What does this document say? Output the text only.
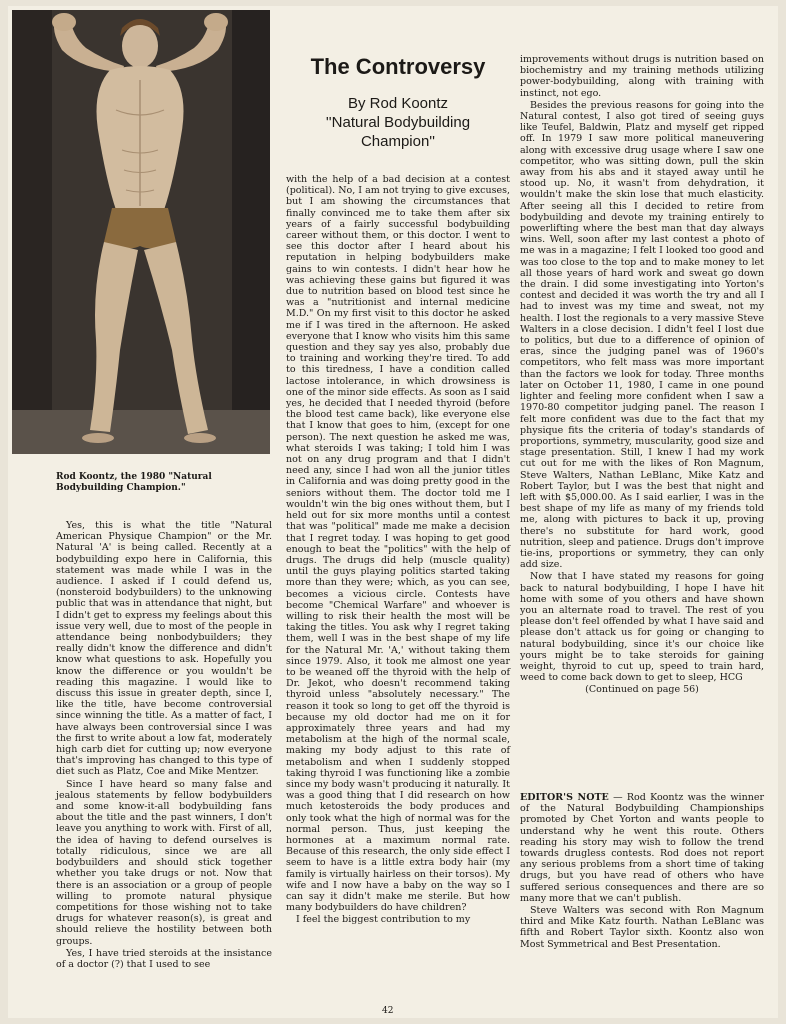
Rod Koontz, the 1980 "Natural Bodybuilding Champion."

The Controversy

By Rod Koontz

''Natural Bodybuilding

Champion''

Yes, this is what the title "Natural American Physique Champion" or the Mr. Natural 'A' is being called. Recently at a bodybuilding expo here in California, this statement was made while I was in the audience. I asked if I could defend us, (nonsteroid bodybuilders) to the unknowing public that was in attendance that night, but I didn't get to express my feelings about this issue very well, due to most of the people in attendance being nonbodybuilders; they really didn't know the difference and didn't know what questions to ask. Hopefully you know the difference or you wouldn't be reading this magazine. I would like to discuss this issue in greater depth, since I, like the title, have become controversial since winning the title. As a matter of fact, I have always been controversial since I was the first to write about a low fat, moderately high carb diet for cutting up; now everyone that's improving has changed to this type of diet such as Platz, Coe and Mike Mentzer.

Since I have heard so many false and jealous statements by fellow bodybuilders and some know-it-all bodybuilding fans about the title and the past winners, I don't leave you anything to work with. First of all, the idea of having to defend ourselves is totally ridiculous, since we are all bodybuilders and should stick together whether you take drugs or not. Now that there is an association or a group of people willing to promote natural physique competitions for those wishing not to take drugs for whatever reason(s), is great and should relieve the hostility between both groups.

Yes, I have tried steroids at the insistance of a doctor (?) that I used to see

with the help of a bad decision at a contest (political). No, I am not trying to give excuses, but I am showing the circumstances that finally convinced me to take them after six years of a fairly successful bodybuilding career without them, or this doctor. I went to see this doctor after I heard about his reputation in helping bodybuilders make gains to win contests. I didn't hear how he was achieving these gains but figured it was due to nutrition based on blood test since he was a "nutritionist and internal medicine M.D." On my first visit to this doctor he asked me if I was tired in the afternoon. He asked everyone that I know who visits him this same question and they say yes also, probably due to training and working they're tired. To add to this tiredness, I have a condition called lactose intolerance, in which drowsiness is one of the minor side effects. As soon as I said yes, he decided that I needed thyroid (before the blood test came back), like everyone else that I know that goes to him, (except for one person). The next question he asked me was, what steroids I was taking; I told him I was not on any drug program and that I didn't need any, since I had won all the junior titles in California and was doing pretty good in the seniors without them. The doctor told me I wouldn't win the big ones without them, but I held out for six more months until a contest that was "political" made me make a decision that I regret today. I was hoping to get good enough to beat the "politics" with the help of drugs. The drugs did help (muscle quality) until the guys playing politics started taking more than they were; which, as you can see, becomes a vicious circle. Contests have become "Chemical Warfare" and whoever is willing to risk their health the most will be taking the titles. You ask why I regret taking them, well I was in the best shape of my life for the Natural Mr. 'A,' without taking them since 1979. Also, it took me almost one year to be weaned off the thyroid with the help of Dr. Jekot, who doesn't recommend taking thyroid unless "absolutely necessary." The reason it took so long to get off the thyroid is because my old doctor had me on it for approximately three years and had my metabolism at the high of the normal scale, making my body adjust to this rate of metabolism and when I suddenly stopped taking thyroid I was functioning like a zombie since my body wasn't producing it naturally. It was a good thing that I did research on how much ketosteroids the body produces and only took what the high of normal was for the normal person. Thus, just keeping the hormones at a maximum normal rate. Because of this research, the only side effect I seem to have is a little extra body hair (my family is virtually hairless on their torsos). My wife and I now have a baby on the way so I can say it didn't make me sterile. But how many bodybuilders do have children?

I feel the biggest contribution to my

improvements without drugs is nutrition based on biochemistry and my training methods utilizing power-bodybuilding, along with training with instinct, not ego.

Besides the previous reasons for going into the Natural contest, I also got tired of seeing guys like Teufel, Baldwin, Platz and myself get ripped off. In 1979 I saw more political maneuvering along with excessive drug usage where I saw one competitor, who was sitting down, pull the skin away from his abs and it stayed away until he stood up. No, it wasn't from dehydration, it wouldn't make the skin lose that much elasticity. After seeing all this I decided to retire from bodybuilding and devote my training entirely to powerlifting where the best man that day always wins. Well, soon after my last contest a photo of me was in a magazine; I felt I looked too good and was too close to the top and to make money to let all those years of hard work and sweat go down the drain. I did some investigating into Yorton's contest and decided it was worth the try and all I had to invest was my time and sweat, not my health. I lost the regionals to a very massive Steve Walters in a close decision. I didn't feel I lost due to politics, but due to a difference of opinion of eras, since the judging panel was of 1960's competitors, who felt mass was more important than the factors we look for today. Three months later on October 11, 1980, I came in one pound lighter and feeling more confident when I saw a 1970-80 competitor judging panel. The reason I felt more confident was due to the fact that my physique fits the criteria of today's standards of proportions, symmetry, muscularity, good size and stage presentation. Still, I knew I had my work cut out for me with the likes of Ron Magnum, Steve Walters, Nathan LeBlanc, Mike Katz and Robert Taylor, but I was the best that night and left with $5,000.00. As I said earlier, I was in the best shape of my life as many of my friends told me, along with pictures to back it up, proving there's no substitute for hard work, good nutrition, sleep and patience. Drugs don't improve tie-ins, proportions or symmetry, they can only add size.

Now that I have stated my reasons for going back to natural bodybuilding, I hope I have hit home with some of you others and have shown you an alternate road to travel. The rest of you please don't feel offended by what I have said and please don't attack us for going or changing to natural bodybuilding, since it's our choice like yours might be to take steroids for gaining weight, thyroid to cut up, speed to train hard, weed to come back down to get to sleep, HCG

(Continued on page 56)

EDITOR'S NOTE — Rod Koontz was the winner of the Natural Bodybuilding Championships promoted by Chet Yorton and wants people to understand why he went this route. Others reading his story may wish to follow the trend towards drugless contests. Rod does not report any serious problems from a short time of taking drugs, but you have read of others who have suffered serious consequences and there are so many more that we can't publish.

Steve Walters was second with Ron Magnum third and Mike Katz fourth. Nathan LeBlanc was fifth and Robert Taylor sixth. Koontz also won Most Symmetrical and Best Presentation.

42
